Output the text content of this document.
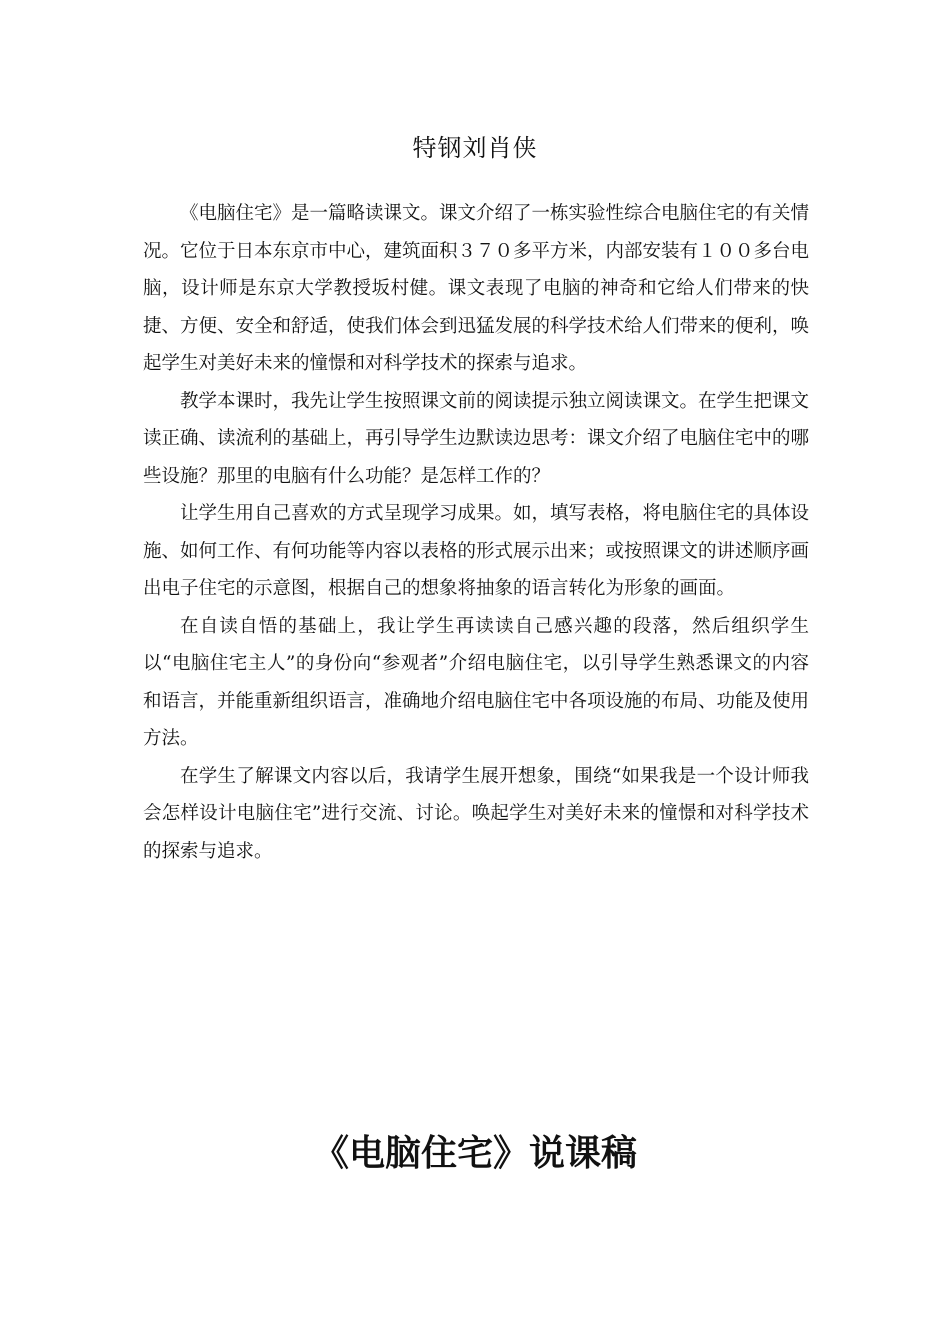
特钢刘肖侠

《电脑住宅》是一篇略读课文。课文介绍了一栋实验性综合电脑住宅的有关情况。它位于日本东京市中心，建筑面积３７０多平方米，内部安装有１００多台电脑，设计师是东京大学教授坂村健。课文表现了电脑的神奇和它给人们带来的快捷、方便、安全和舒适，使我们体会到迅猛发展的科学技术给人们带来的便利，唤起学生对美好未来的憧憬和对科学技术的探索与追求。

教学本课时，我先让学生按照课文前的阅读提示独立阅读课文。在学生把课文读正确、读流利的基础上，再引导学生边默读边思考：课文介绍了电脑住宅中的哪些设施？那里的电脑有什么功能？是怎样工作的？

让学生用自己喜欢的方式呈现学习成果。如，填写表格，将电脑住宅的具体设施、如何工作、有何功能等内容以表格的形式展示出来；或按照课文的讲述顺序画出电子住宅的示意图，根据自己的想象将抽象的语言转化为形象的画面。

在自读自悟的基础上，我让学生再读读自己感兴趣的段落，然后组织学生以“电脑住宅主人”的身份向“参观者”介绍电脑住宅，以引导学生熟悉课文的内容和语言，并能重新组织语言，准确地介绍电脑住宅中各项设施的布局、功能及使用方法。

在学生了解课文内容以后，我请学生展开想象，围绕“如果我是一个设计师我会怎样设计电脑住宅”进行交流、讨论。唤起学生对美好未来的憧憬和对科学技术的探索与追求。

《电脑住宅》说课稿
